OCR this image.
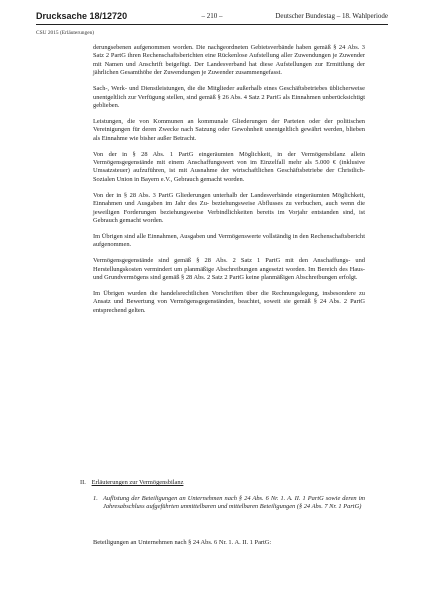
Drucksache 18/12720	– 210 –	Deutscher Bundestag – 18. Wahlperiode
CSU 2015 (Erläuterungen)

derungsebenen aufgenommen worden. Die nachgeordneten Gebietsverbände haben gemäß § 24 Abs. 3 Satz 2 PartG ihren Rechenschaftsberichten eine Rückenlose Aufstellung aller Zuwendungen je Zuwender mit Namen und Anschrift beigefügt. Der Landesverband hat diese Aufstellungen zur Ermittlung der jährlichen Gesamthöhe der Zuwendungen je Zuwender zusammengefasst.

Sach-, Werk- und Dienstleistungen, die die Mitglieder außerhalb eines Geschäftsbetriebes üblicherweise unentgeltlich zur Verfügung stellen, sind gemäß § 26 Abs. 4 Satz 2 PartG als Einnahmen unberücksichtigt geblieben.

Leistungen, die von Kommunen an kommunale Gliederungen der Parteien oder der politischen Vereinigungen für deren Zwecke nach Satzung oder Gewohnheit unentgeltlich gewährt werden, blieben als Einnahme wie bisher außer Betracht.

Von der in § 28 Abs. 1 PartG eingeräumten Möglichkeit, in der Vermögensbilanz allein Vermögensgegenstände mit einem Anschaffungswert von im Einzelfall mehr als 5.000 € (inklusive Umsatzsteuer) aufzuführen, ist mit Ausnahme der wirtschaftlichen Geschäftsbetriebe der Christlich-Sozialen Union in Bayern e.V., Gebrauch gemacht worden.

Von der in § 28 Abs. 3 PartG Gliederungen unterhalb der Landesverbände eingeräumten Möglichkeit, Einnahmen und Ausgaben im Jahr des Zu- beziehungsweise Abflusses zu verbuchen, auch wenn die jeweiligen Forderungen beziehungsweise Verbindlichkeiten bereits im Vorjahr entstanden sind, ist Gebrauch gemacht worden.

Im Übrigen sind alle Einnahmen, Ausgaben und Vermögenswerte vollständig in den Rechenschaftsbericht aufgenommen.

Vermögensgegenstände sind gemäß § 28 Abs. 2 Satz 1 PartG mit den Anschaffungs- und Herstellungskosten vermindert um planmäßige Abschreibungen angesetzt worden. Im Bereich des Haus- und Grundvermögens sind gemäß § 28 Abs. 2 Satz 2 PartG keine planmäßigen Abschreibungen erfolgt.

Im Übrigen wurden die handelsrechtlichen Vorschriften über die Rechnungslegung, insbesondere zu Ansatz und Bewertung von Vermögensgegenständen, beachtet, soweit sie gemäß § 24 Abs. 2 PartG entsprechend gelten.

II. Erläuterungen zur Vermögensbilanz
1. Auflistung der Beteiligungen an Unternehmen nach § 24 Abs. 6 Nr. 1. A. II. 1 PartG sowie deren im Jahresabschluss aufgeführten unmittelbaren und mittelbaren Beteiligungen (§ 24 Abs. 7 Nr. 1 PartG)
Beteiligungen an Unternehmen nach § 24 Abs. 6 Nr. 1. A. II. 1 PartG:
